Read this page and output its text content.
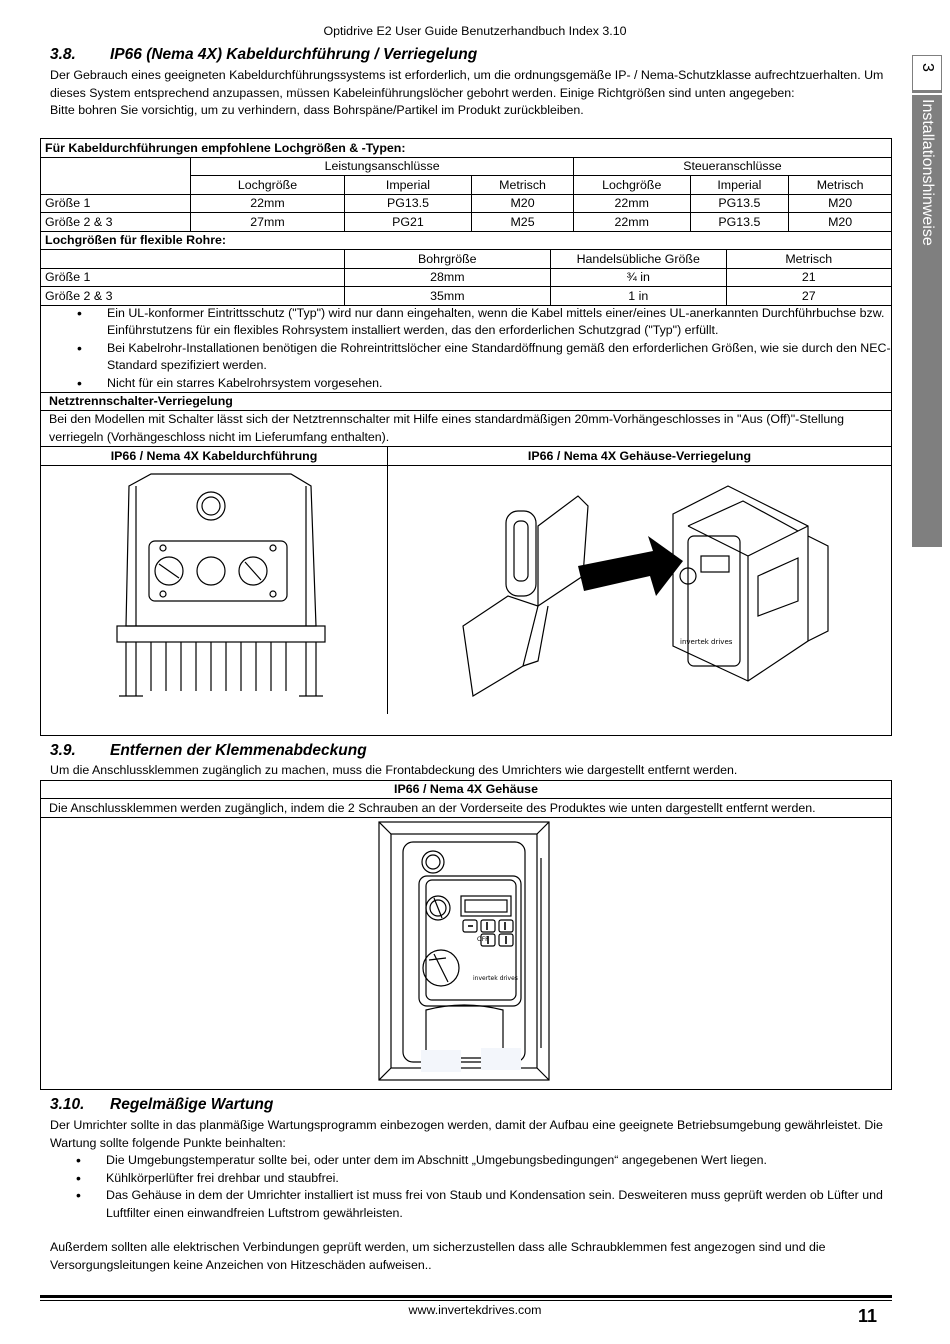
Optidrive E2 User Guide Benutzerhandbuch Index 3.10
3
Installationshinweise
3.8. IP66 (Nema 4X) Kabeldurchführung / Verriegelung

Der Gebrauch eines geeigneten Kabeldurchführungssystems ist erforderlich, um die ordnungsgemäße IP- / Nema-Schutzklasse aufrechtzuerhalten. Um dieses System entsprechend anzupassen, müssen Kabeleinführungslöcher gebohrt werden. Einige Richtgrößen sind unten angegeben:

Bitte bohren Sie vorsichtig, um zu verhindern, dass Bohrspäne/Partikel im Produkt zurückbleiben.

Für Kabeldurchführungen empfohlene Lochgrößen & -Typen:						
	Leistungsanschlüsse			Steueranschlüsse		
	Lochgröße	Imperial	Metrisch	Lochgröße	Imperial	Metrisch
Größe 1	22mm	PG13.5	M20	22mm	PG13.5	M20
Größe 2 & 3	27mm	PG21	M25	22mm	PG13.5	M20
Lochgrößen für flexible Rohre:						
	Bohrgröße	Handelsübliche Größe	Metrisch
Größe 1	28mm	¾ in	21
Größe 2 & 3	35mm	1 in	27
• Ein UL-konformer Eintrittsschutz ("Typ") wird nur dann eingehalten, wenn die Kabel mittels einer/eines UL-anerkannten Durchführbuchse bzw. Einführstutzens für ein flexibles Rohrsystem installiert werden, das den erforderlichen Schutzgrad ("Typ") erfüllt.
• Bei Kabelrohr-Installationen benötigen die Rohreintrittslöcher eine Standardöffnung gemäß den erforderlichen Größen, wie sie durch den NEC-Standard spezifiziert werden.
• Nicht für ein starres Kabelrohrsystem vorgesehen.
Netztrennschalter-Verriegelung
Bei den Modellen mit Schalter lässt sich der Netztrennschalter mit Hilfe eines standardmäßigen 20mm-Vorhängeschlosses in "Aus (Off)"-Stellung verriegeln (Vorhängeschloss nicht im Lieferumfang enthalten).
IP66 / Nema 4X Kabeldurchführung	IP66 / Nema 4X Gehäuse-Verriegelung
invertek drives
3.9. Entfernen der Klemmenabdeckung

Um die Anschlussklemmen zugänglich zu machen, muss die Frontabdeckung des Umrichters wie dargestellt entfernt werden.

IP66 / Nema 4X Gehäuse
Die Anschlussklemmen werden zugänglich, indem die 2 Schrauben an der Vorderseite des Produktes wie unten dargestellt entfernt werden.
OFF
invertek drives
3.10. Regelmäßige Wartung

Der Umrichter sollte in das planmäßige Wartungsprogramm einbezogen werden, damit der Aufbau eine geeignete Betriebsumgebung gewährleistet. Die Wartung sollte folgende Punkte beinhalten:

• Die Umgebungstemperatur sollte bei, oder unter dem im Abschnitt „Umgebungsbedingungen“ angegebenen Wert liegen.
• Kühlkörperlüfter frei drehbar und staubfrei.
• Das Gehäuse in dem der Umrichter installiert ist muss frei von Staub und Kondensation sein. Desweiteren muss geprüft werden ob Lüfter und Luftfilter einen einwandfreien Luftstrom gewährleisten.

Außerdem sollten alle elektrischen Verbindungen geprüft werden, um sicherzustellen dass alle Schraubklemmen fest angezogen sind und die Versorgungsleitungen keine Anzeichen von Hitzeschäden aufweisen..

www.invertekdrives.com	11
